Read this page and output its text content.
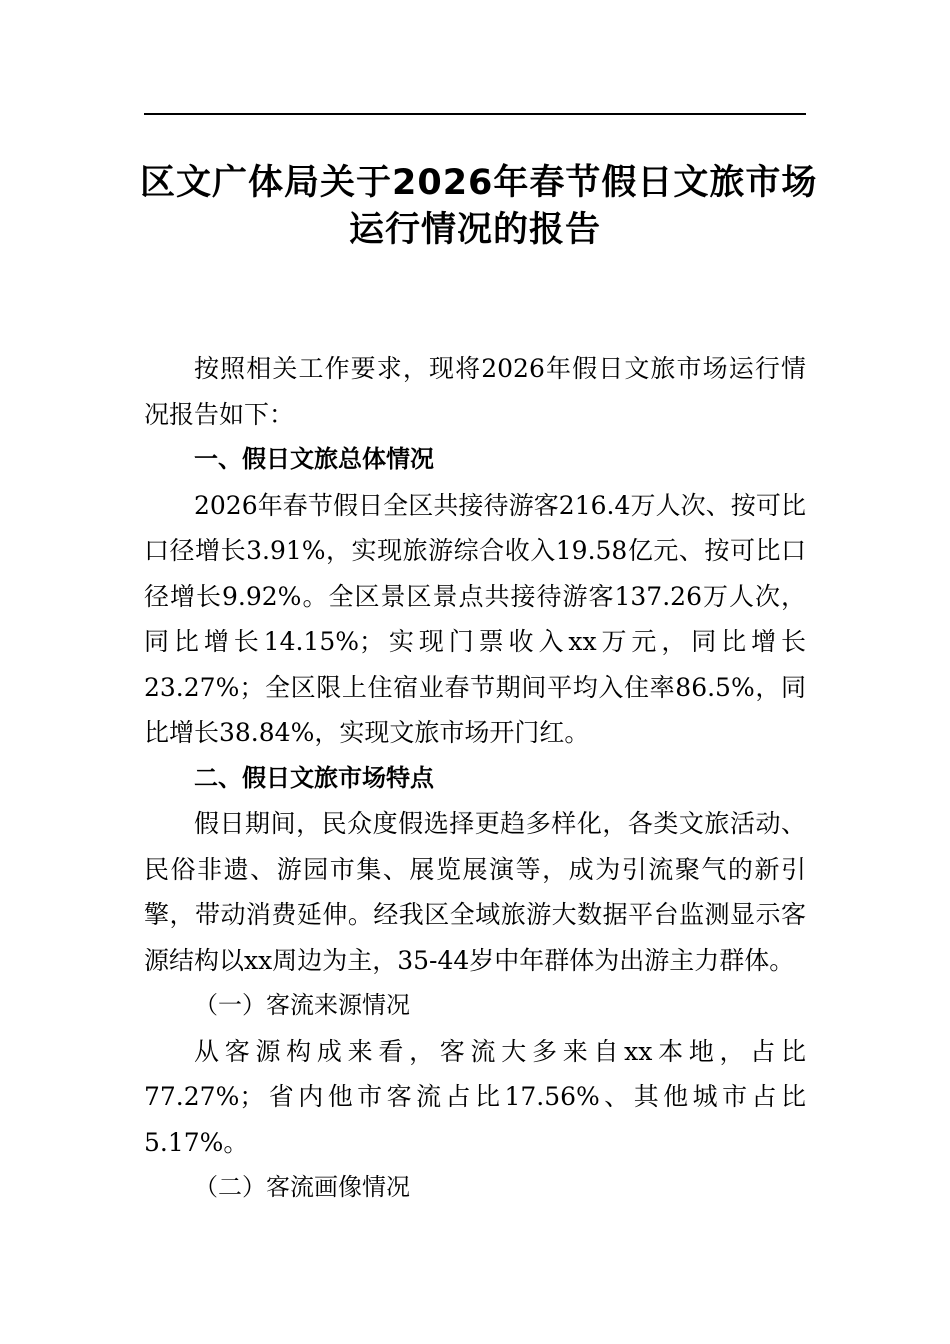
区文广体局关于2026年春节假日文旅市场
运行情况的报告

按照相关工作要求，现将2026年假日文旅市场运行情况报告如下：

一、假日文旅总体情况

2026年春节假日全区共接待游客216.4万人次、按可比口径增长3.91%，实现旅游综合收入19.58亿元、按可比口径增长9.92%。全区景区景点共接待游客137.26万人次，同比增长14.15%；实现门票收入xx万元，同比增长23.27%；全区限上住宿业春节期间平均入住率86.5%，同比增长38.84%，实现文旅市场开门红。

二、假日文旅市场特点

假日期间，民众度假选择更趋多样化，各类文旅活动、民俗非遗、游园市集、展览展演等，成为引流聚气的新引擎，带动消费延伸。经我区全域旅游大数据平台监测显示客源结构以xx周边为主，35-44岁中年群体为出游主力群体。

（一）客流来源情况

从客源构成来看，客流大多来自xx本地，占比77.27%；省内他市客流占比17.56%、其他城市占比5.17%。

（二）客流画像情况
